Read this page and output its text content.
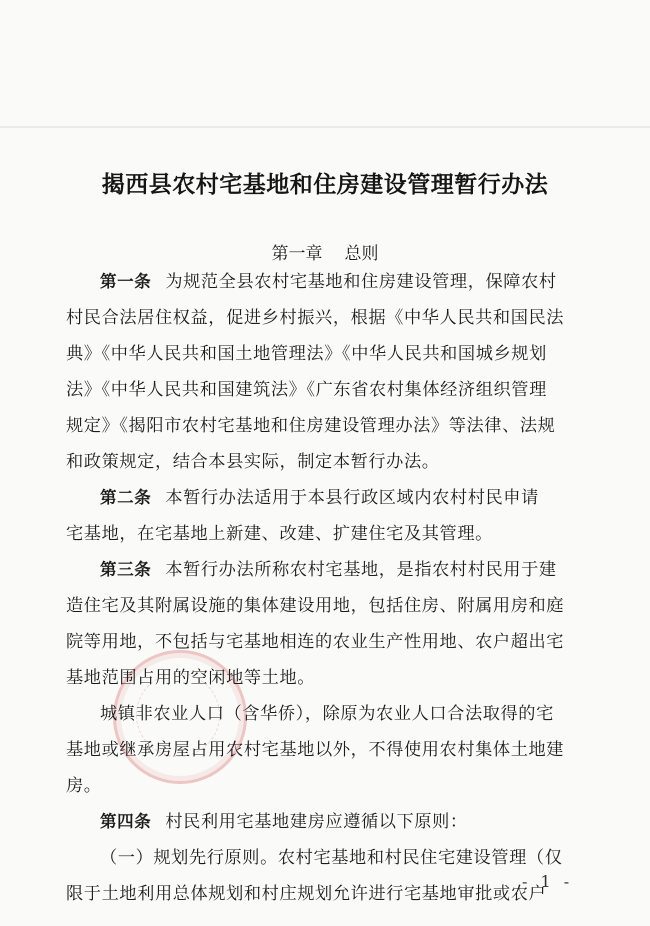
揭西县农村宅基地和住房建设管理暂行办法
第一章 总则
第一条 为规范全县农村宅基地和住房建设管理，保障农村
村民合法居住权益，促进乡村振兴，根据《中华人民共和国民法
典》《中华人民共和国土地管理法》《中华人民共和国城乡规划
法》《中华人民共和国建筑法》《广东省农村集体经济组织管理
规定》《揭阳市农村宅基地和住房建设管理办法》等法律、法规
和政策规定，结合本县实际，制定本暂行办法。
第二条 本暂行办法适用于本县行政区域内农村村民申请
宅基地，在宅基地上新建、改建、扩建住宅及其管理。
第三条 本暂行办法所称农村宅基地，是指农村村民用于建
造住宅及其附属设施的集体建设用地，包括住房、附属用房和庭
院等用地，不包括与宅基地相连的农业生产性用地、农户超出宅
基地范围占用的空闲地等土地。
城镇非农业人口（含华侨），除原为农业人口合法取得的宅
基地或继承房屋占用农村宅基地以外，不得使用农村集体土地建
房。
第四条 村民利用宅基地建房应遵循以下原则：
（一）规划先行原则。农村宅基地和村民住宅建设管理（仅
限于土地利用总体规划和村庄规划允许进行宅基地审批或农户
- 1 -
